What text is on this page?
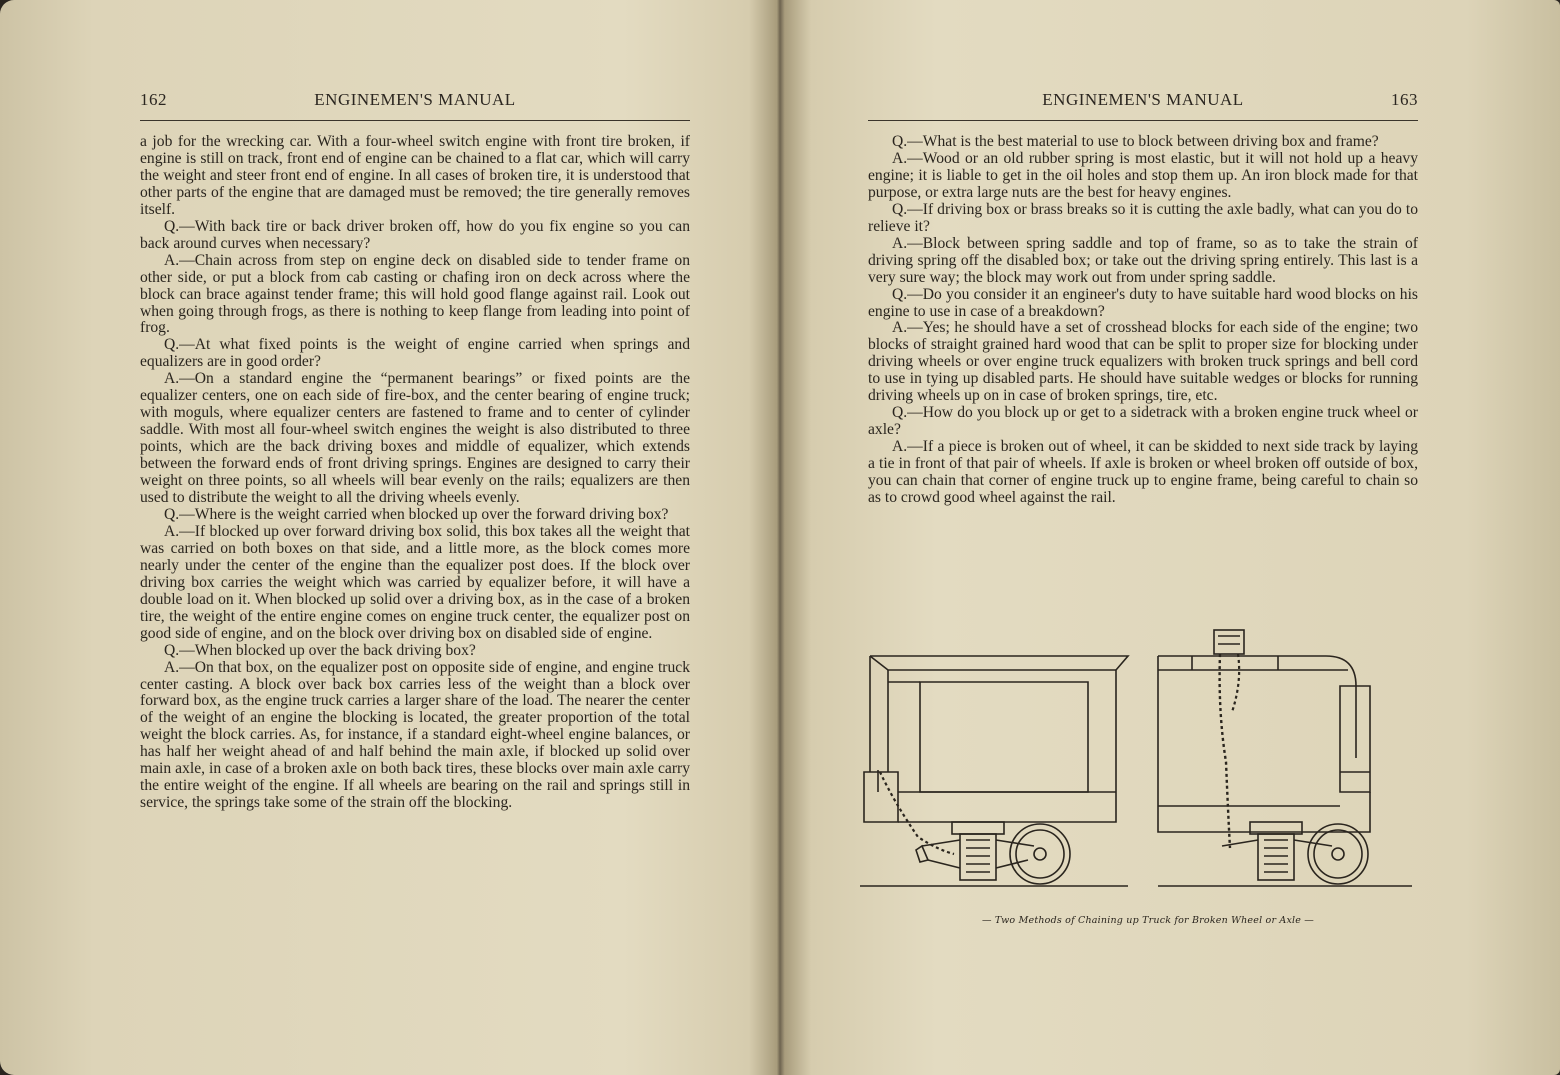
162	ENGINEMEN'S MANUAL

a job for the wrecking car. With a four-wheel switch engine with front tire broken, if engine is still on track, front end of engine can be chained to a flat car, which will carry the weight and steer front end of engine. In all cases of broken tire, it is understood that other parts of the engine that are damaged must be removed; the tire generally removes itself.

Q.—With back tire or back driver broken off, how do you fix engine so you can back around curves when necessary?

A.—Chain across from step on engine deck on disabled side to tender frame on other side, or put a block from cab casting or chafing iron on deck across where the block can brace against tender frame; this will hold good flange against rail. Look out when going through frogs, as there is nothing to keep flange from leading into point of frog.

Q.—At what fixed points is the weight of engine carried when springs and equalizers are in good order?

A.—On a standard engine the “permanent bearings” or fixed points are the equalizer centers, one on each side of fire-box, and the center bearing of engine truck; with moguls, where equalizer centers are fastened to frame and to center of cylinder saddle. With most all four-wheel switch engines the weight is also distributed to three points, which are the back driving boxes and middle of equalizer, which extends between the forward ends of front driving springs. Engines are designed to carry their weight on three points, so all wheels will bear evenly on the rails; equalizers are then used to distribute the weight to all the driving wheels evenly.

Q.—Where is the weight carried when blocked up over the forward driving box?

A.—If blocked up over forward driving box solid, this box takes all the weight that was carried on both boxes on that side, and a little more, as the block comes more nearly under the center of the engine than the equalizer post does. If the block over driving box carries the weight which was carried by equalizer before, it will have a double load on it. When blocked up solid over a driving box, as in the case of a broken tire, the weight of the entire engine comes on engine truck center, the equalizer post on good side of engine, and on the block over driving box on disabled side of engine.

Q.—When blocked up over the back driving box?

A.—On that box, on the equalizer post on opposite side of engine, and engine truck center casting. A block over back box carries less of the weight than a block over forward box, as the engine truck carries a larger share of the load. The nearer the center of the weight of an engine the blocking is located, the greater proportion of the total weight the block carries. As, for instance, if a standard eight-wheel engine balances, or has half her weight ahead of and half behind the main axle, if blocked up solid over main axle, in case of a broken axle on both back tires, these blocks over main axle carry the entire weight of the engine. If all wheels are bearing on the rail and springs still in service, the springs take some of the strain off the blocking.

ENGINEMEN'S MANUAL	163

Q.—What is the best material to use to block between driving box and frame?

A.—Wood or an old rubber spring is most elastic, but it will not hold up a heavy engine; it is liable to get in the oil holes and stop them up. An iron block made for that purpose, or extra large nuts are the best for heavy engines.

Q.—If driving box or brass breaks so it is cutting the axle badly, what can you do to relieve it?

A.—Block between spring saddle and top of frame, so as to take the strain of driving spring off the disabled box; or take out the driving spring entirely. This last is a very sure way; the block may work out from under spring saddle.

Q.—Do you consider it an engineer's duty to have suitable hard wood blocks on his engine to use in case of a breakdown?

A.—Yes; he should have a set of crosshead blocks for each side of the engine; two blocks of straight grained hard wood that can be split to proper size for blocking under driving wheels or over engine truck equalizers with broken truck springs and bell cord to use in tying up disabled parts. He should have suitable wedges or blocks for running driving wheels up on in case of broken springs, tire, etc.

Q.—How do you block up or get to a sidetrack with a broken engine truck wheel or axle?

A.—If a piece is broken out of wheel, it can be skidded to next side track by laying a tie in front of that pair of wheels. If axle is broken or wheel broken off outside of box, you can chain that corner of engine truck up to engine frame, being careful to chain so as to crowd good wheel against the rail.

— Two Methods of Chaining up Truck for Broken Wheel or Axle —
